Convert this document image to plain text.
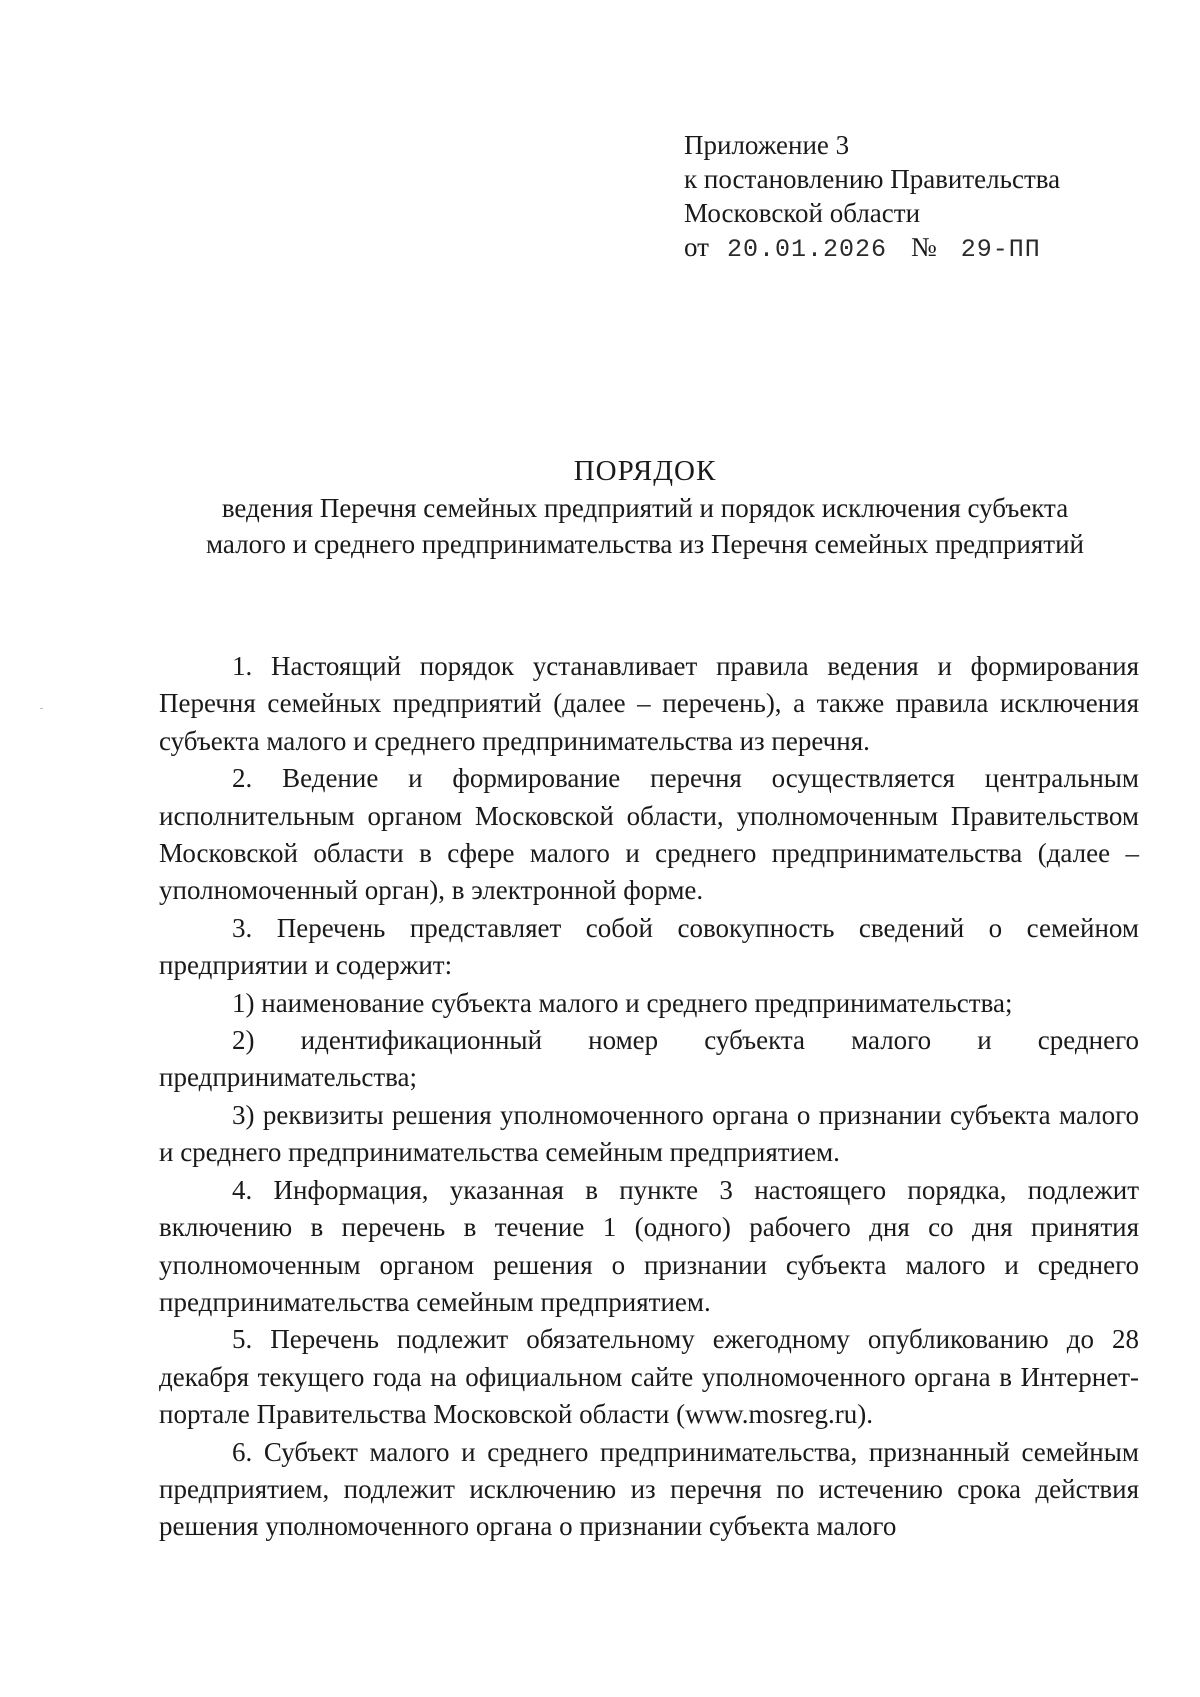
Приложение 3
к постановлению Правительства
Московской области
от 20.01.2026 № 29-ПП
ПОРЯДОК
ведения Перечня семейных предприятий и порядок исключения субъекта
малого и среднего предпринимательства из Перечня семейных предприятий

1. Настоящий порядок устанавливает правила ведения и формирования Перечня семейных предприятий (далее – перечень), а также правила исключения субъекта малого и среднего предпринимательства из перечня.

2. Ведение и формирование перечня осуществляется центральным исполнительным органом Московской области, уполномоченным Правительством Московской области в сфере малого и среднего предпринимательства (далее – уполномоченный орган), в электронной форме.

3. Перечень представляет собой совокупность сведений о семейном предприятии и содержит:

1) наименование субъекта малого и среднего предпринимательства;

2) идентификационный номер субъекта малого и среднего предпринимательства;

3) реквизиты решения уполномоченного органа о признании субъекта малого и среднего предпринимательства семейным предприятием.

4. Информация, указанная в пункте 3 настоящего порядка, подлежит включению в перечень в течение 1 (одного) рабочего дня со дня принятия уполномоченным органом решения о признании субъекта малого и среднего предпринимательства семейным предприятием.

5. Перечень подлежит обязательному ежегодному опубликованию до 28 декабря текущего года на официальном сайте уполномоченного органа в Интернет-портале Правительства Московской области (www.mosreg.ru).

6. Субъект малого и среднего предпринимательства, признанный семейным предприятием, подлежит исключению из перечня по истечению срока действия решения уполномоченного органа о признании субъекта малого
